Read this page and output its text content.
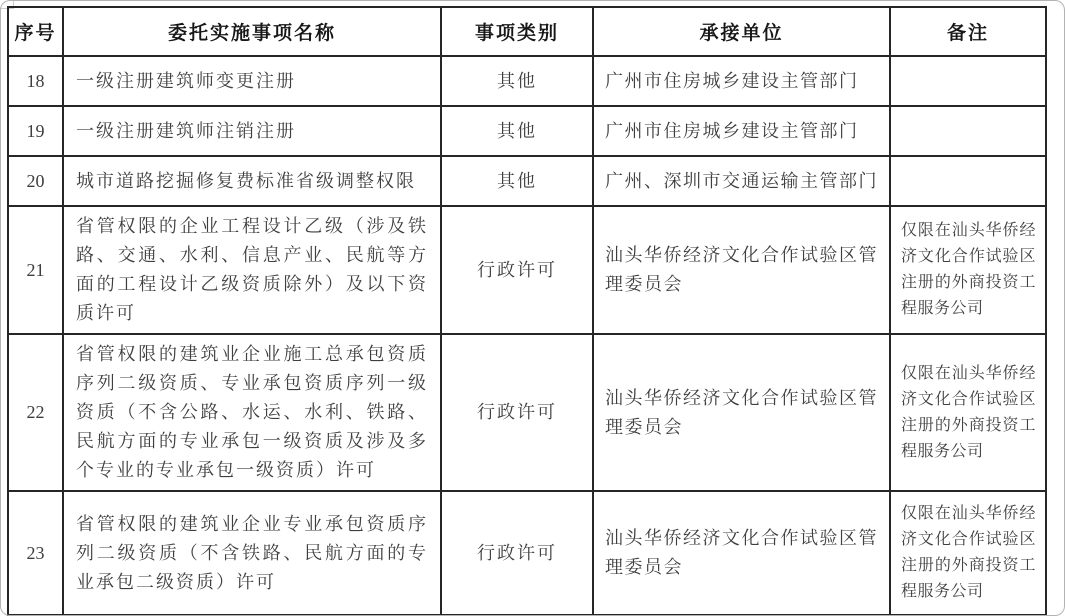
序号	委托实施事项名称	事项类别	承接单位	备注
18	一级注册建筑师变更注册	其他	广州市住房城乡建设主管部门	
19	一级注册建筑师注销注册	其他	广州市住房城乡建设主管部门	
20	城市道路挖掘修复费标准省级调整权限	其他	广州、深圳市交通运输主管部门	
21	省管权限的企业工程设计乙级（涉及铁路、交通、水利、信息产业、民航等方面的工程设计乙级资质除外）及以下资质许可	行政许可	汕头华侨经济文化合作试验区管理委员会	仅限在汕头华侨经济文化合作试验区注册的外商投资工程服务公司
22	省管权限的建筑业企业施工总承包资质序列二级资质、专业承包资质序列一级资质（不含公路、水运、水利、铁路、民航方面的专业承包一级资质及涉及多个专业的专业承包一级资质）许可	行政许可	汕头华侨经济文化合作试验区管理委员会	仅限在汕头华侨经济文化合作试验区注册的外商投资工程服务公司
23	省管权限的建筑业企业专业承包资质序列二级资质（不含铁路、民航方面的专业承包二级资质）许可	行政许可	汕头华侨经济文化合作试验区管理委员会	仅限在汕头华侨经济文化合作试验区注册的外商投资工程服务公司
